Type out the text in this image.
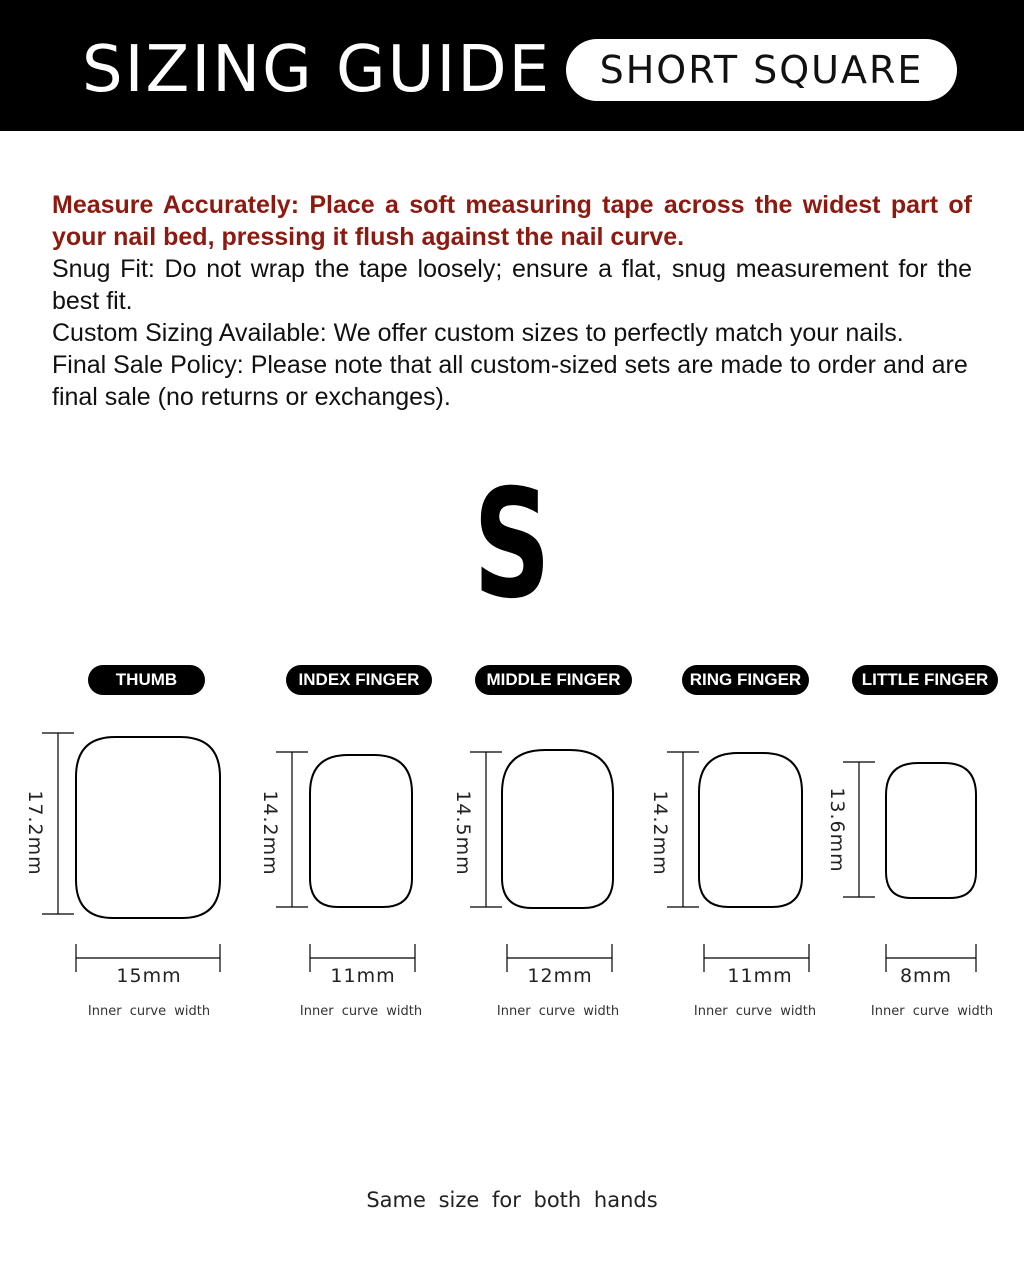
SIZING GUIDE SHORT SQUARE

Measure Accurately: Place a soft measuring tape across the widest part of your nail bed, pressing it flush against the nail curve.

Snug Fit: Do not wrap the tape loosely; ensure a flat, snug measurement for the best fit.

Custom Sizing Available: We offer custom sizes to perfectly match your nails.

Final Sale Policy: Please note that all custom-sized sets are made to order and are final sale (no returns or exchanges).

S
THUMB	INDEX FINGER	MIDDLE FINGER	RING FINGER	LITTLE FINGER
17.2mm	14.2mm	14.5mm	14.2mm	13.6mm
15mm	11mm	12mm	11mm	8mm
Inner curve width	Inner curve width	Inner curve width	Inner curve width	Inner curve width
Same size for both hands
